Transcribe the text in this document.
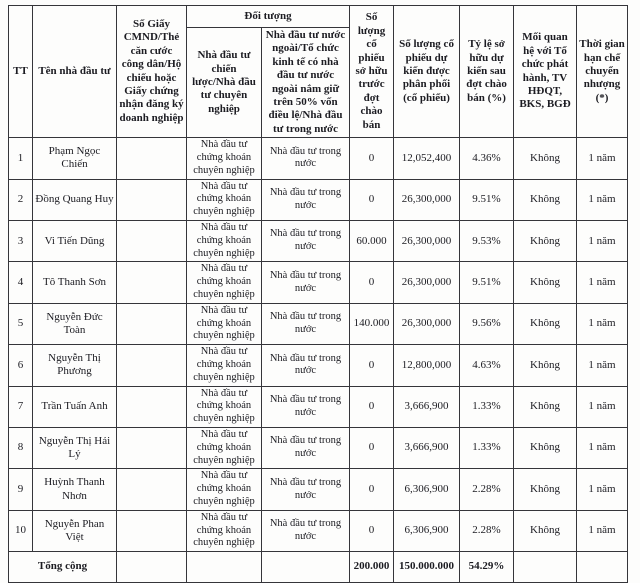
TT	Tên nhà đầu tư	Số Giấy CMND/Thẻ căn cước công dân/Hộ chiếu hoặc Giấy chứng nhận đăng ký doanh nghiệp	Đối tượng		Số lượng cổ phiếu sở hữu trước đợt chào bán	Số lượng cổ phiếu dự kiến được phân phối (cổ phiếu)	Tỷ lệ sở hữu dự kiến sau đợt chào bán (%)	Mối quan hệ với Tổ chức phát hành, TV HĐQT, BKS, BGĐ	Thời gian hạn chế chuyển nhượng (*)
			Nhà đầu tư chiến lược/Nhà đầu tư chuyên nghiệp	Nhà đầu tư nước ngoài/Tổ chức kinh tế có nhà đầu tư nước ngoài nắm giữ trên 50% vốn điều lệ/Nhà đầu tư trong nước					
1	Phạm Ngọc Chiến		Nhà đầu tư chứng khoán chuyên nghiệp	Nhà đầu tư trong nước	0	12,052,400	4.36%	Không	1 năm
2	Đồng Quang Huy		Nhà đầu tư chứng khoán chuyên nghiệp	Nhà đầu tư trong nước	0	26,300,000	9.51%	Không	1 năm
3	Vi Tiến Dũng		Nhà đầu tư chứng khoán chuyên nghiệp	Nhà đầu tư trong nước	60.000	26,300,000	9.53%	Không	1 năm
4	Tô Thanh Sơn		Nhà đầu tư chứng khoán chuyên nghiệp	Nhà đầu tư trong nước	0	26,300,000	9.51%	Không	1 năm
5	Nguyễn Đức Toàn		Nhà đầu tư chứng khoán chuyên nghiệp	Nhà đầu tư trong nước	140.000	26,300,000	9.56%	Không	1 năm
6	Nguyễn Thị Phương		Nhà đầu tư chứng khoán chuyên nghiệp	Nhà đầu tư trong nước	0	12,800,000	4.63%	Không	1 năm
7	Trần Tuấn Anh		Nhà đầu tư chứng khoán chuyên nghiệp	Nhà đầu tư trong nước	0	3,666,900	1.33%	Không	1 năm
8	Nguyễn Thị Hải Lý		Nhà đầu tư chứng khoán chuyên nghiệp	Nhà đầu tư trong nước	0	3,666,900	1.33%	Không	1 năm
9	Huỳnh Thanh Nhơn		Nhà đầu tư chứng khoán chuyên nghiệp	Nhà đầu tư trong nước	0	6,306,900	2.28%	Không	1 năm
10	Nguyễn Phan Việt		Nhà đầu tư chứng khoán chuyên nghiệp	Nhà đầu tư trong nước	0	6,306,900	2.28%	Không	1 năm
Tổng cộng					200.000	150.000.000	54.29%		
